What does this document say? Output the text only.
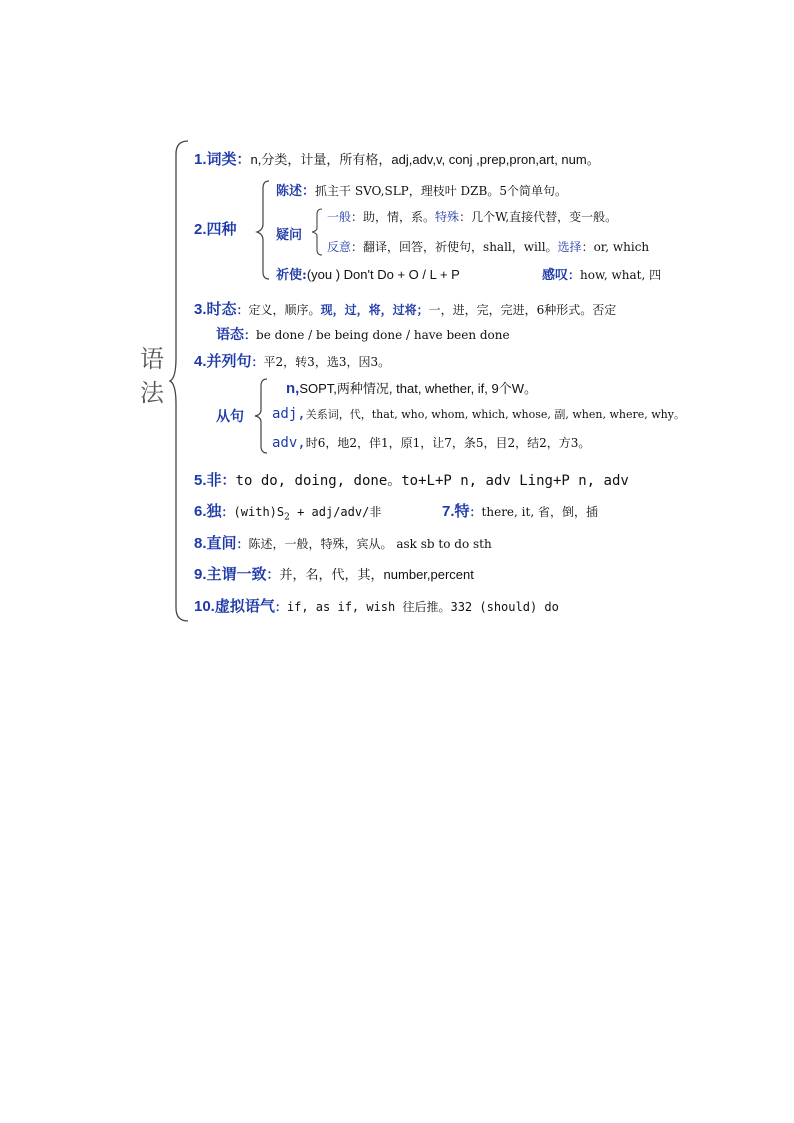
语
法
1.词类：n,分类，计量，所有格，adj,adv,v, conj ,prep,pron,art, num。
2.四种
陈述：抓主干 SVO,SLP，理枝叶 DZB。5个简单句。
疑问
一般：助，情，系。特殊：几个W,直接代替，变一般。
反意：翻译，回答，祈使句，shall，will。选择：or, which
祈使:(you ) Don't Do + O / L + P	感叹：how, what, 四
3.时态：定义，顺序。现，过，将，过将；一，进，完，完进，6种形式。否定
语态：be done / be being done / have been done
4.并列句：平2，转3，选3，因3。
从句
n,SOPT,两种情况, that, whether, if, 9个W。
adj,关系词，代，that, who, whom, which, whose, 副, when, where, why。
adv,时6，地2，伴1，原1，让7，条5，目2，结2，方3。
5.非：to do, doing, done。to+L+P n, adv Ling+P n, adv
6.独：$(with)S_2 + adj/adv/$非	7.特：there, it, 省，倒，插
8.直间：陈述，一般，特殊，宾从。 ask sb to do sth
9.主谓一致：并，名，代，其，number,percent
10.虚拟语气：if, as if, wish 往后推。332 (should) do
